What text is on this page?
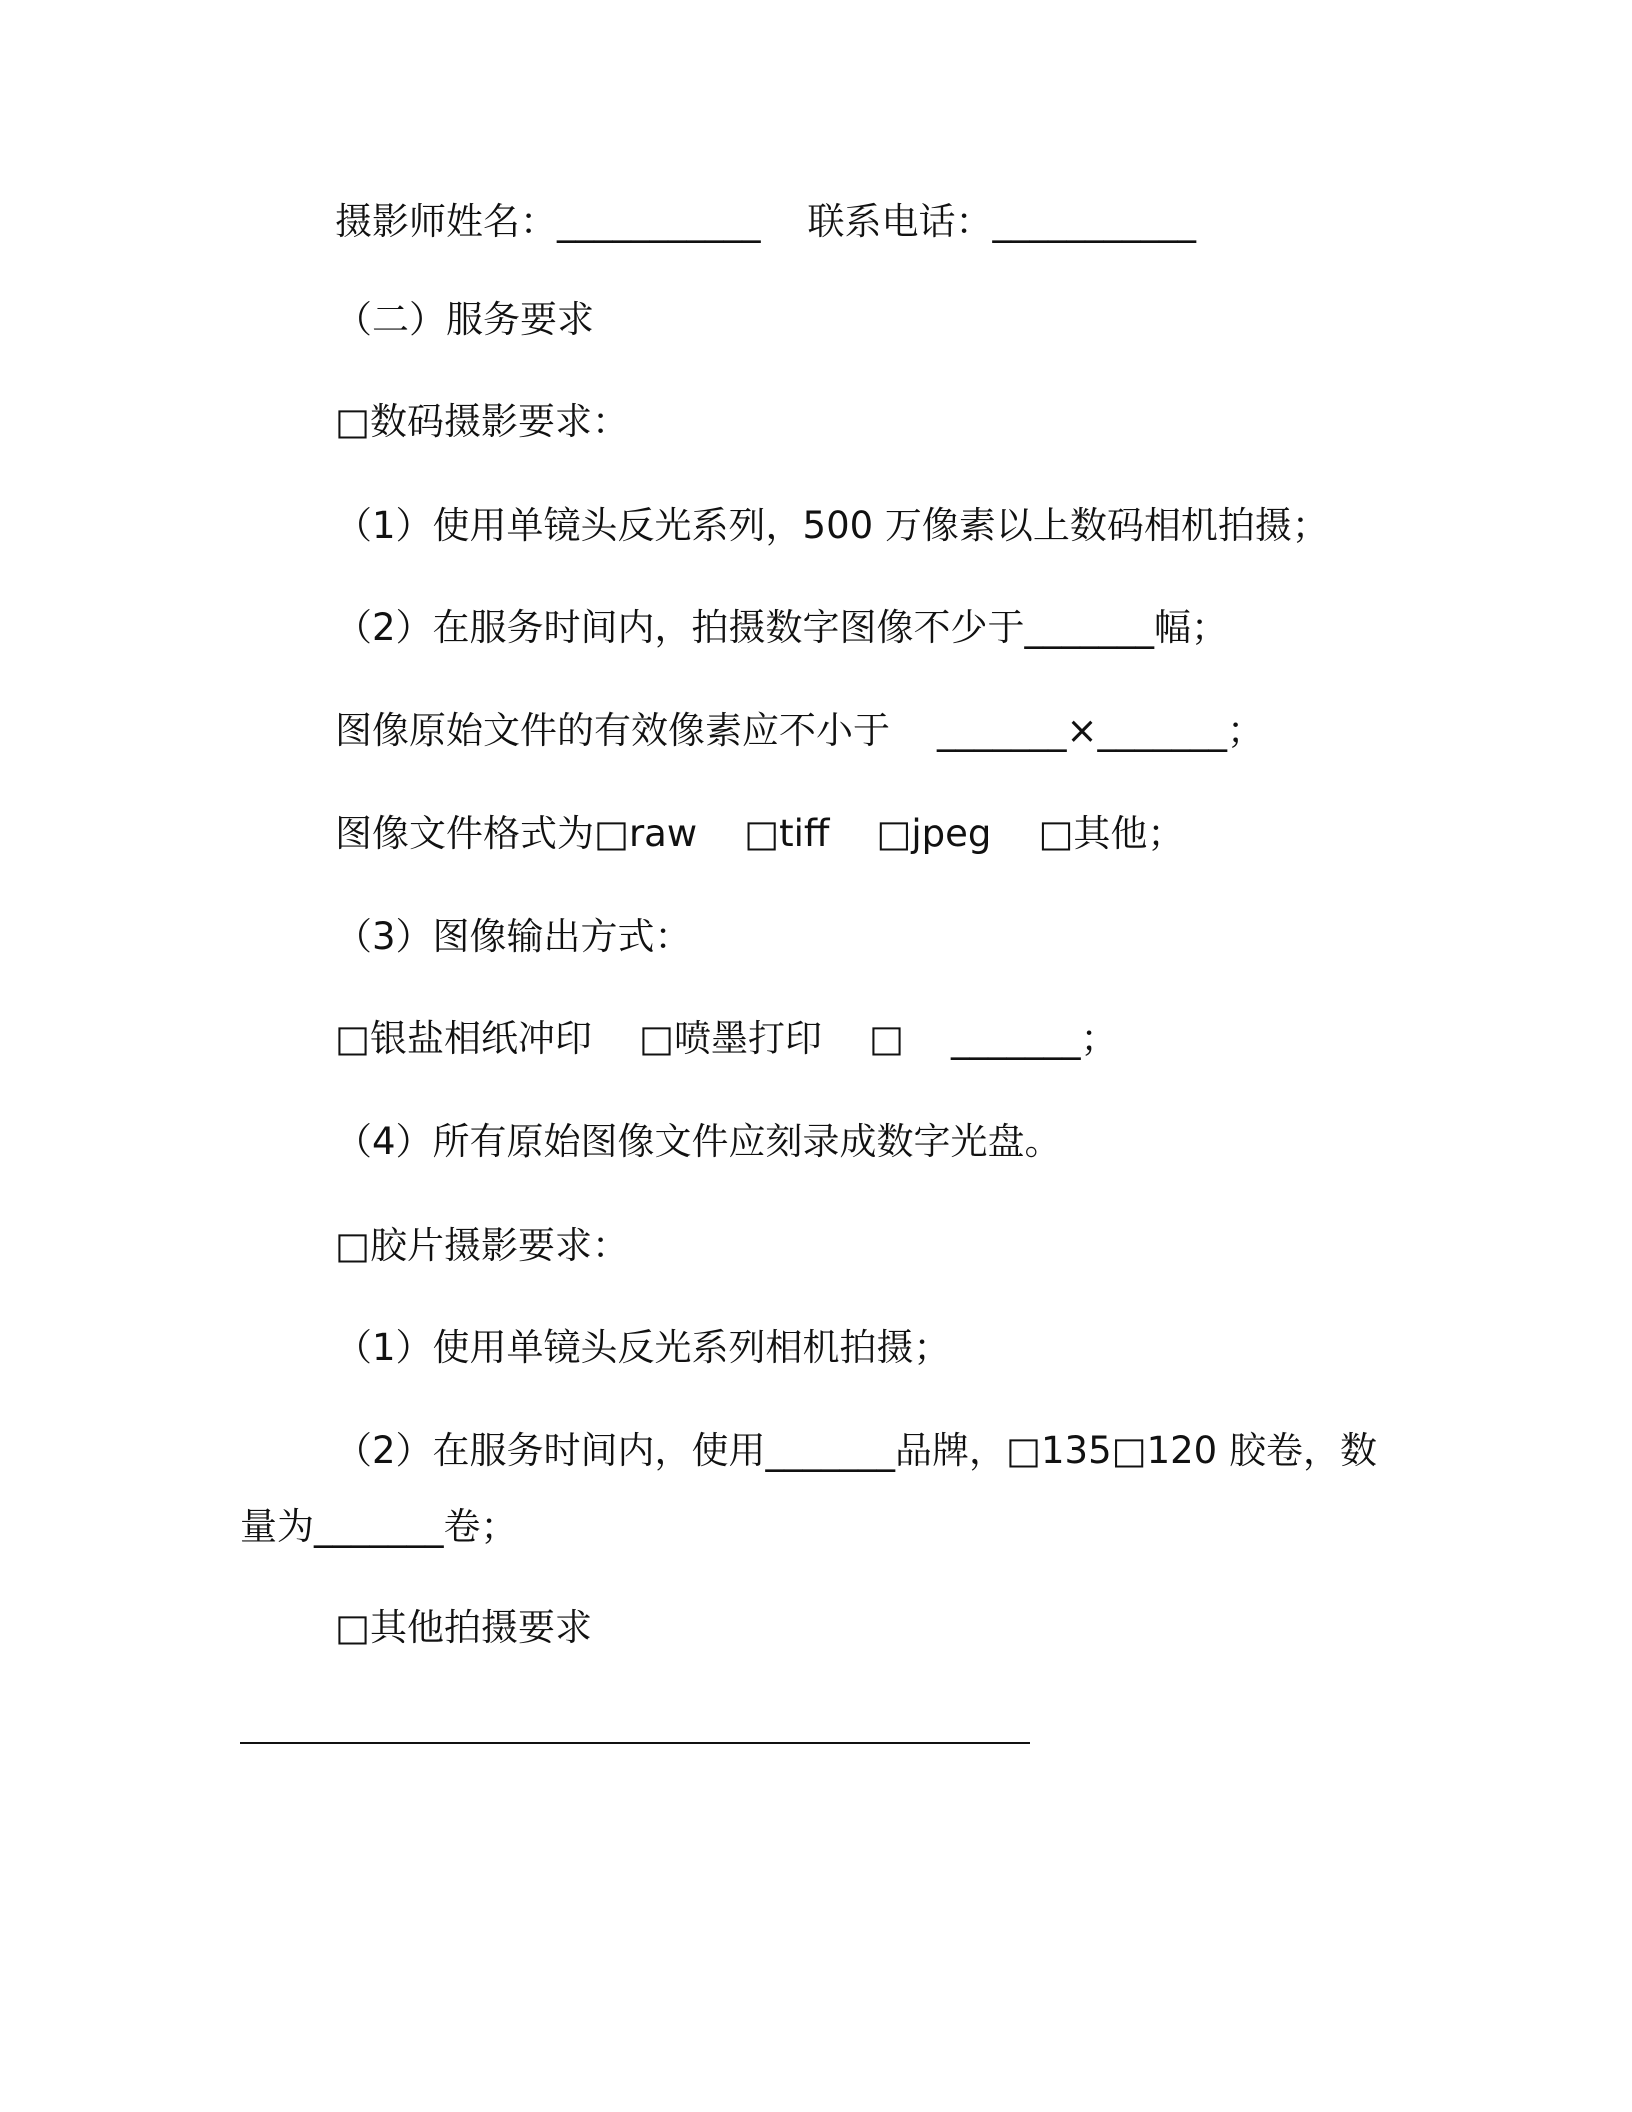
摄影师姓名：___________    联系电话：___________
（二）服务要求
□数码摄影要求：
（1）使用单镜头反光系列，500 万像素以上数码相机拍摄；
（2）在服务时间内，拍摄数字图像不少于_______幅；
图像原始文件的有效像素应不小于    _______×_______；
图像文件格式为□raw    □tiff    □jpeg    □其他；
（3）图像输出方式：
□银盐相纸冲印    □喷墨打印    □    _______；
（4）所有原始图像文件应刻录成数字光盘。
□胶片摄影要求：
（1）使用单镜头反光系列相机拍摄；
（2）在服务时间内，使用_______品牌，□135□120 胶卷，数
量为_______卷；
□其他拍摄要求
